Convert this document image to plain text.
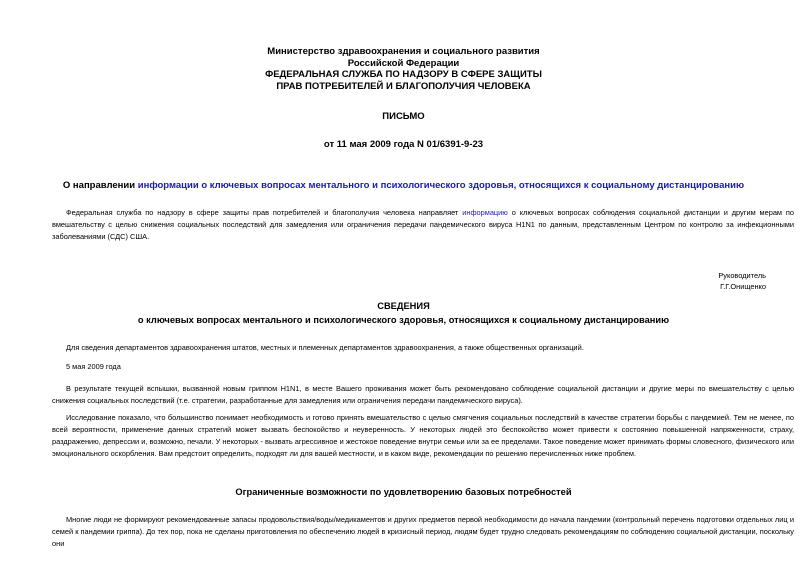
Министерство здравоохранения и социального развития
Российской Федерации
ФЕДЕРАЛЬНАЯ СЛУЖБА ПО НАДЗОРУ В СФЕРЕ ЗАЩИТЫ
ПРАВ ПОТРЕБИТЕЛЕЙ И БЛАГОПОЛУЧИЯ ЧЕЛОВЕКА
ПИСЬМО
от 11 мая 2009 года N 01/6391-9-23
О направлении информации о ключевых вопросах ментального и психологического здоровья, относящихся к социальному дистанцированию

Федеральная служба по надзору в сфере защиты прав потребителей и благополучия человека направляет информацию о ключевых вопросах соблюдения социальной дистанции и другим мерам по вмешательству с целью снижения социальных последствий для замедления или ограничения передачи пандемического вируса H1N1 по данным, представленным Центром по контролю за инфекционными заболеваниями (СДС) США.

Руководитель
Г.Г.Онищенко
СВЕДЕНИЯ
о ключевых вопросах ментального и психологического здоровья, относящихся к социальному дистанцированию
Для сведения департаментов здравоохранения штатов, местных и племенных департаментов здравоохранения, а также общественных организаций.
5 мая 2009 года

В результате текущей вспышки, вызванной новым гриппом H1N1, в месте Вашего проживания может быть рекомендовано соблюдение социальной дистанции и другие меры по вмешательству с целью снижения социальных последствий (т.е. стратегии, разработанные для замедления или ограничения передачи пандемического вируса).

Исследование показало, что большинство понимает необходимость и готово принять вмешательство с целью смягчения социальных последствий в качестве стратегии борьбы с пандемией. Тем не менее, по всей вероятности, применение данных стратегий может вызвать беспокойство и неуверенность. У некоторых людей это беспокойство может привести к состоянию повышенной напряженности, страху, раздражению, депрессии и, возможно, печали. У некоторых - вызвать агрессивное и жестокое поведение внутри семьи или за ее пределами. Такое поведение может принимать формы словесного, физического или эмоционального оскорбления. Вам предстоит определить, подходят ли для вашей местности, и в каком виде, рекомендации по решению перечисленных ниже проблем.

Ограниченные возможности по удовлетворению базовых потребностей

Многие люди не формируют рекомендованные запасы продовольствия/воды/медикаментов и других предметов первой необходимости до начала пандемии (контрольный перечень подготовки отдельных лиц и семей к пандемии гриппа). До тех пор, пока не сделаны приготовления по обеспечению людей в кризисный период, людям будет трудно следовать рекомендациям по соблюдению социальной дистанции, поскольку они
